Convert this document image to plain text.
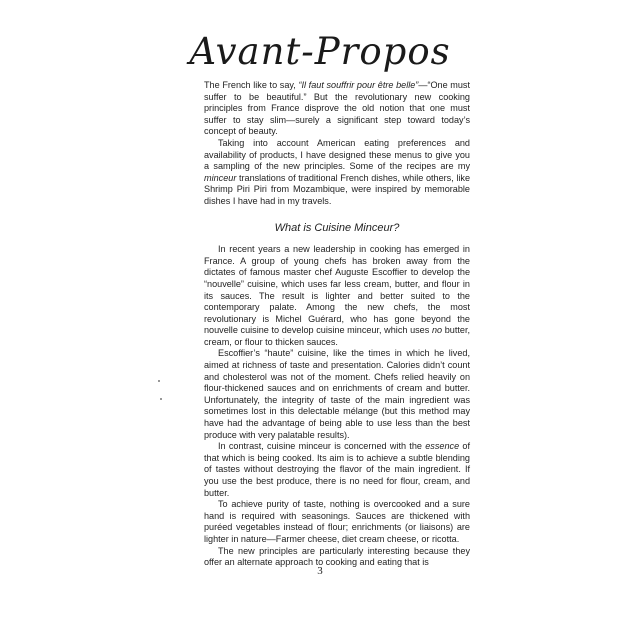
Avant-Propos

The French like to say, “Il faut souffrir pour être belle”—“One must suffer to be beautiful.” But the revolutionary new cooking principles from France disprove the old notion that one must suffer to stay slim—surely a significant step toward today’s concept of beauty.

Taking into account American eating preferences and availability of products, I have designed these menus to give you a sampling of the new principles. Some of the recipes are my minceur translations of traditional French dishes, while others, like Shrimp Piri Piri from Mozambique, were inspired by memorable dishes I have had in my travels.

What is Cuisine Minceur?

In recent years a new leadership in cooking has emerged in France. A group of young chefs has broken away from the dictates of famous master chef Auguste Escoffier to develop the “nouvelle” cuisine, which uses far less cream, butter, and flour in its sauces. The result is lighter and better suited to the contemporary palate. Among the new chefs, the most revolutionary is Michel Guérard, who has gone beyond the nouvelle cuisine to develop cuisine minceur, which uses no butter, cream, or flour to thicken sauces.

Escoffier’s “haute” cuisine, like the times in which he lived, aimed at richness of taste and presentation. Calories didn’t count and cholesterol was not of the moment. Chefs relied heavily on flour-thickened sauces and on enrichments of cream and butter. Unfortunately, the integrity of taste of the main ingredient was sometimes lost in this delectable mélange (but this method may have had the advantage of being able to use less than the best produce with very palatable results).

In contrast, cuisine minceur is concerned with the essence of that which is being cooked. Its aim is to achieve a subtle blending of tastes without destroying the flavor of the main ingredient. If you use the best produce, there is no need for flour, cream, and butter.

To achieve purity of taste, nothing is overcooked and a sure hand is required with seasonings. Sauces are thickened with puréed vegetables instead of flour; enrichments (or liaisons) are lighter in nature—Farmer cheese, diet cream cheese, or ricotta.

The new principles are particularly interesting because they offer an alternate approach to cooking and eating that is

3
